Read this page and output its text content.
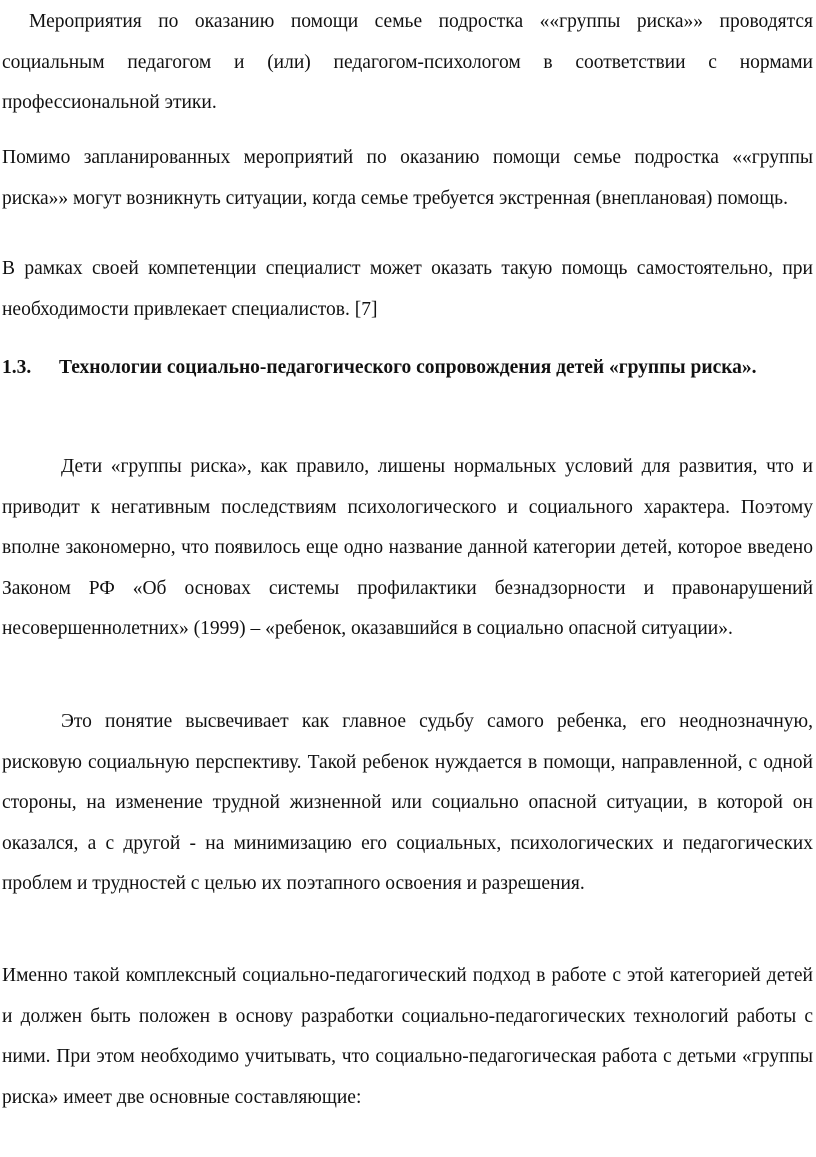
Мероприятия по оказанию помощи семье подростка ««группы риска»» проводятся социальным педагогом и (или) педагогом-психологом в соответствии с нормами профессиональной этики.

Помимо запланированных мероприятий по оказанию помощи семье подростка ««группы риска»» могут возникнуть ситуации, когда семье требуется экстренная (внеплановая) помощь.

В рамках своей компетенции специалист может оказать такую помощь самостоятельно, при необходимости привлекает специалистов. [7]

1.3. Технологии социально-педагогического сопровождения детей «группы риска».

Дети «группы риска», как правило, лишены нормальных условий для развития, что и приводит к негативным последствиям психологического и социального характера. Поэтому вполне закономерно, что появилось еще одно название данной категории детей, которое введено Законом РФ «Об основах системы профилактики безнадзорности и правонарушений несовершеннолетних» (1999) – «ребенок, оказавшийся в социально опасной ситуации».

Это понятие высвечивает как главное судьбу самого ребенка, его неоднозначную, рисковую социальную перспективу. Такой ребенок нуждается в помощи, направленной, с одной стороны, на изменение трудной жизненной или социально опасной ситуации, в которой он оказался, а с другой - на минимизацию его социальных, психологических и педагогических проблем и трудностей с целью их поэтапного освоения и разрешения.

Именно такой комплексный социально-педагогический подход в работе с этой категорией детей и должен быть положен в основу разработки социально-педагогических технологий работы с ними. При этом необходимо учитывать, что социально-педагогическая работа с детьми «группы риска» имеет две основные составляющие:
